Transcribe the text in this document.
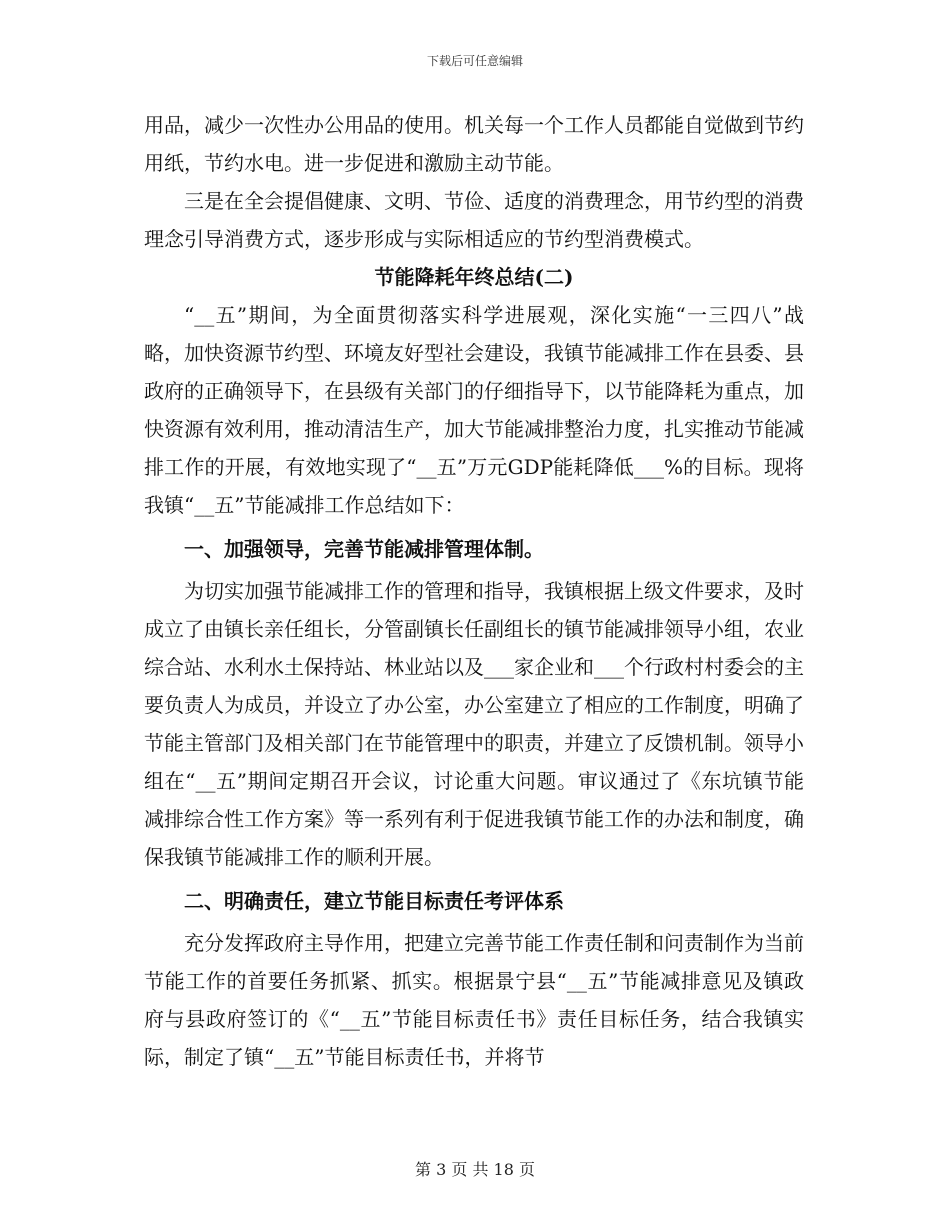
下载后可任意编辑

用品，减少一次性办公用品的使用。机关每一个工作人员都能自觉做到节约用纸，节约水电。进一步促进和激励主动节能。

三是在全会提倡健康、文明、节俭、适度的消费理念，用节约型的消费理念引导消费方式，逐步形成与实际相适应的节约型消费模式。

节能降耗年终总结(二)

“__五”期间，为全面贯彻落实科学进展观，深化实施“一三四八”战略，加快资源节约型、环境友好型社会建设，我镇节能减排工作在县委、县政府的正确领导下，在县级有关部门的仔细指导下，以节能降耗为重点，加快资源有效利用，推动清洁生产，加大节能减排整治力度，扎实推动节能减排工作的开展，有效地实现了“__五”万元GDP能耗降低___%的目标。现将我镇“__五”节能减排工作总结如下：

一、加强领导，完善节能减排管理体制。

为切实加强节能减排工作的管理和指导，我镇根据上级文件要求，及时成立了由镇长亲任组长，分管副镇长任副组长的镇节能减排领导小组，农业综合站、水利水土保持站、林业站以及___家企业和___个行政村村委会的主要负责人为成员，并设立了办公室，办公室建立了相应的工作制度，明确了节能主管部门及相关部门在节能管理中的职责，并建立了反馈机制。领导小组在“__五”期间定期召开会议，讨论重大问题。审议通过了《东坑镇节能减排综合性工作方案》等一系列有利于促进我镇节能工作的办法和制度，确保我镇节能减排工作的顺利开展。

二、明确责任，建立节能目标责任考评体系

充分发挥政府主导作用，把建立完善节能工作责任制和问责制作为当前节能工作的首要任务抓紧、抓实。根据景宁县“__五”节能减排意见及镇政府与县政府签订的《“__五”节能目标责任书》责任目标任务，结合我镇实际，制定了镇“__五”节能目标责任书，并将节

第 3 页 共 18 页
